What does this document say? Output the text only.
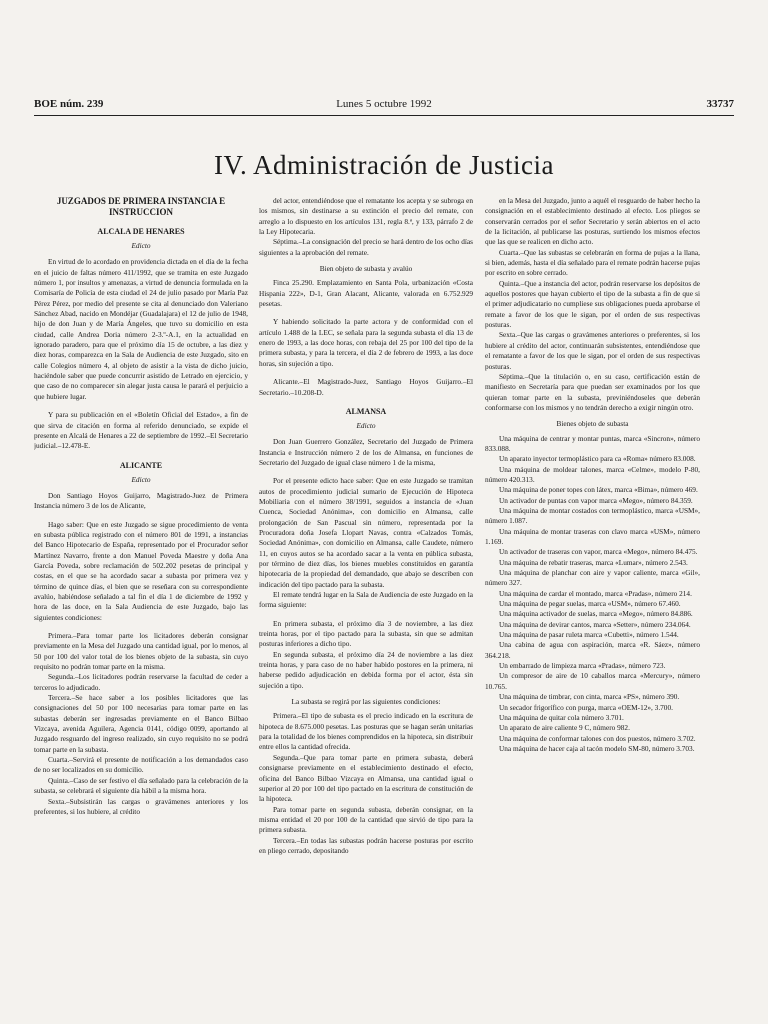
BOE núm. 239	Lunes 5 octubre 1992	33737
IV. Administración de Justicia

JUZGADOS DE PRIMERA INSTANCIA E INSTRUCCION

ALCALA DE HENARES

Edicto

En virtud de lo acordado en providencia dictada en el día de la fecha en el juicio de faltas número 411/1992, que se tramita en este Juzgado número 1, por insultos y amenazas, a virtud de denuncia formulada en la Comisaría de Policía de esta ciudad el 24 de julio pasado por María Paz Pérez Pérez, por medio del presente se cita al denunciado don Valeriano Sánchez Abad, nacido en Mondéjar (Guadalajara) el 12 de julio de 1948, hijo de don Juan y de María Ángeles, que tuvo su domicilio en esta ciudad, calle Andrea Doria número 2-3.º-A.1, en la actualidad en ignorado paradero, para que el próximo día 15 de octubre, a las diez y diez horas, comparezca en la Sala de Audiencia de este Juzgado, sito en calle Colegios número 4, al objeto de asistir a la vista de dicho juicio, haciéndole saber que puede concurrir asistido de Letrado en ejercicio, y que caso de no comparecer sin alegar justa causa le parará el perjuicio a que hubiere lugar.

Y para su publicación en el «Boletín Oficial del Estado», a fin de que sirva de citación en forma al referido denunciado, se expide el presente en Alcalá de Henares a 22 de septiembre de 1992.–El Secretario judicial.–12.478-E.

ALICANTE

Edicto

Don Santiago Hoyos Guijarro, Magistrado-Juez de Primera Instancia número 3 de los de Alicante,

Hago saber: Que en este Juzgado se sigue procedimiento de venta en subasta pública registrado con el número 801 de 1991, a instancias del Banco Hipotecario de España, representado por el Procurador señor Martínez Navarro, frente a don Manuel Poveda Maestre y doña Ana García Poveda, sobre reclamación de 502.202 pesetas de principal y costas, en el que se ha acordado sacar a subasta por primera vez y término de quince días, el bien que se reseñara con su correspondiente avalúo, habiéndose señalado a tal fin el día 1 de diciembre de 1992 y hora de las doce, en la Sala Audiencia de este Juzgado, bajo las siguientes condiciones:

Primera.–Para tomar parte los licitadores deberán consignar previamente en la Mesa del Juzgado una cantidad igual, por lo menos, al 50 por 100 del valor total de los bienes objeto de la subasta, sin cuyo requisito no podrán tomar parte en la misma.

Segunda.–Los licitadores podrán reservarse la facultad de ceder a terceros lo adjudicado.

Tercera.–Se hace saber a los posibles licitadores que las consignaciones del 50 por 100 necesarias para tomar parte en las subastas deberán ser ingresadas previamente en el Banco Bilbao Vizcaya, avenida Aguilera, Agencia 0141, código 0099, aportando al Juzgado resguardo del ingreso realizado, sin cuyo requisito no se podrá tomar parte en la subasta.

Cuarta.–Servirá el presente de notificación a los demandados caso de no ser localizados en su domicilio.

Quinta.–Caso de ser festivo el día señalado para la celebración de la subasta, se celebrará el siguiente día hábil a la misma hora.

Sexta.–Subsistirán las cargas o gravámenes anteriores y los preferentes, si los hubiere, al crédito

del actor, entendiéndose que el rematante los acepta y se subroga en los mismos, sin destinarse a su extinción el precio del remate, con arreglo a lo dispuesto en los artículos 131, regla 8.ª, y 133, párrafo 2 de la Ley Hipotecaria.

Séptima.–La consignación del precio se hará dentro de los ocho días siguientes a la aprobación del remate.

Bien objeto de subasta y avalúo

Finca 25.290. Emplazamiento en Santa Pola, urbanización «Costa Hispania 222», D-1, Gran Alacant, Alicante, valorada en 6.752.929 pesetas.

Y habiendo solicitado la parte actora y de conformidad con el artículo 1.488 de la LEC, se señala para la segunda subasta el día 13 de enero de 1993, a las doce horas, con rebaja del 25 por 100 del tipo de la primera subasta, y para la tercera, el día 2 de febrero de 1993, a las doce horas, sin sujeción a tipo.

Alicante.–El Magistrado-Juez, Santiago Hoyos Guijarro.–El Secretario.–10.208-D.

ALMANSA

Edicto

Don Juan Guerrero González, Secretario del Juzgado de Primera Instancia e Instrucción número 2 de los de Almansa, en funciones de Secretario del Juzgado de igual clase número 1 de la misma,

Por el presente edicto hace saber: Que en este Juzgado se tramitan autos de procedimiento judicial sumario de Ejecución de Hipoteca Mobiliaria con el número 38/1991, seguidos a instancia de «Juan Cuenca, Sociedad Anónima», con domicilio en Almansa, calle prolongación de San Pascual sin número, representada por la Procuradora doña Josefa Llopart Navas, contra «Calzados Tomás, Sociedad Anónima», con domicilio en Almansa, calle Caudete, número 11, en cuyos autos se ha acordado sacar a la venta en pública subasta, por término de diez días, los bienes muebles constituidos en garantía hipotecaria de la propiedad del demandado, que abajo se describen con indicación del tipo pactado para la subasta.

El remate tendrá lugar en la Sala de Audiencia de este Juzgado en la forma siguiente:

En primera subasta, el próximo día 3 de noviembre, a las diez treinta horas, por el tipo pactado para la subasta, sin que se admitan posturas inferiores a dicho tipo.

En segunda subasta, el próximo día 24 de noviembre a las diez treinta horas, y para caso de no haber habido postores en la primera, ni haberse pedido adjudicación en debida forma por el actor, ésta sin sujeción a tipo.

La subasta se regirá por las siguientes condiciones:

Primera.–El tipo de subasta es el precio indicado en la escritura de hipoteca de 8.675.000 pesetas. Las posturas que se hagan serán unitarias para la totalidad de los bienes comprendidos en la hipoteca, sin distribuir entre ellos la cantidad ofrecida.

Segunda.–Que para tomar parte en primera subasta, deberá consignarse previamente en el establecimiento destinado el efecto, oficina del Banco Bilbao Vizcaya en Almansa, una cantidad igual o superior al 20 por 100 del tipo pactado en la escritura de constitución de la hipoteca.

Para tomar parte en segunda subasta, deberán consignar, en la misma entidad el 20 por 100 de la cantidad que sirvió de tipo para la primera subasta.

Tercera.–En todas las subastas podrán hacerse posturas por escrito en pliego cerrado, depositando

en la Mesa del Juzgado, junto a aquél el resguardo de haber hecho la consignación en el establecimiento destinado al efecto. Los pliegos se conservarán cerrados por el señor Secretario y serán abiertos en el acto de la licitación, al publicarse las posturas, surtiendo los mismos efectos que las que se realicen en dicho acto.

Cuarta.–Que las subastas se celebrarán en forma de pujas a la llana, si bien, además, hasta el día señalado para el remate podrán hacerse pujas por escrito en sobre cerrado.

Quinta.–Que a instancia del actor, podrán reservarse los depósitos de aquellos postores que hayan cubierto el tipo de la subasta a fin de que si el primer adjudicatario no cumpliese sus obligaciones pueda aprobarse el remate a favor de los que le sigan, por el orden de sus respectivas posturas.

Sexta.–Que las cargas o gravámenes anteriores o preferentes, si los hubiere al crédito del actor, continuarán subsistentes, entendiéndose que el rematante a favor de los que le sigan, por el orden de sus respectivas posturas.

Séptima.–Que la titulación o, en su caso, certificación están de manifiesto en Secretaría para que puedan ser examinados por los que quieran tomar parte en la subasta, previniéndoseles que deberán conformarse con los mismos y no tendrán derecho a exigir ningún otro.

Bienes objeto de subasta

Una máquina de centrar y montar puntas, marca «Sincron», número 833.088.

Un aparato inyector termoplástico para ca «Roma» número 83.008.

Una máquina de moldear talones, marca «Celme», modelo P-80, número 420.313.

Una máquina de poner topes con látex, marca «Bima», número 469.

Un activador de puntas con vapor marca «Mego», número 84.359.

Una máquina de montar costados con termoplástico, marca «USM», número 1.087.

Una máquina de montar traseras con clavo marca «USM», número 1.169.

Un activador de traseras con vapor, marca «Mego», número 84.475.

Una máquina de rebatir traseras, marca «Lumar», número 2.543.

Una máquina de planchar con aire y vapor caliente, marca «Gil», número 327.

Una máquina de cardar el montado, marca «Pradas», número 214.

Una máquina de pegar suelas, marca «USM», número 67.460.

Una máquina activador de suelas, marca «Mego», número 84.886.

Una máquina de devirar cantos, marca «Setter», número 234.064.

Una máquina de pasar ruleta marca «Cubetti», número 1.544.

Una cabina de agua con aspiración, marca «R. Sáez», número 364.218.

Un embarrado de limpieza marca «Pradas», número 723.

Un compresor de aire de 10 caballos marca «Mercury», número 10.765.

Una máquina de timbrar, con cinta, marca «PS», número 390.

Un secador frigorífico con purga, marca «OEM-12», 3.700.

Una máquina de quitar cola número 3.701.

Un aparato de aire caliente 9 C, número 982.

Una máquina de conformar talones con dos puestos, número 3.702.

Una máquina de hacer caja al tacón modelo SM-80, número 3.703.
